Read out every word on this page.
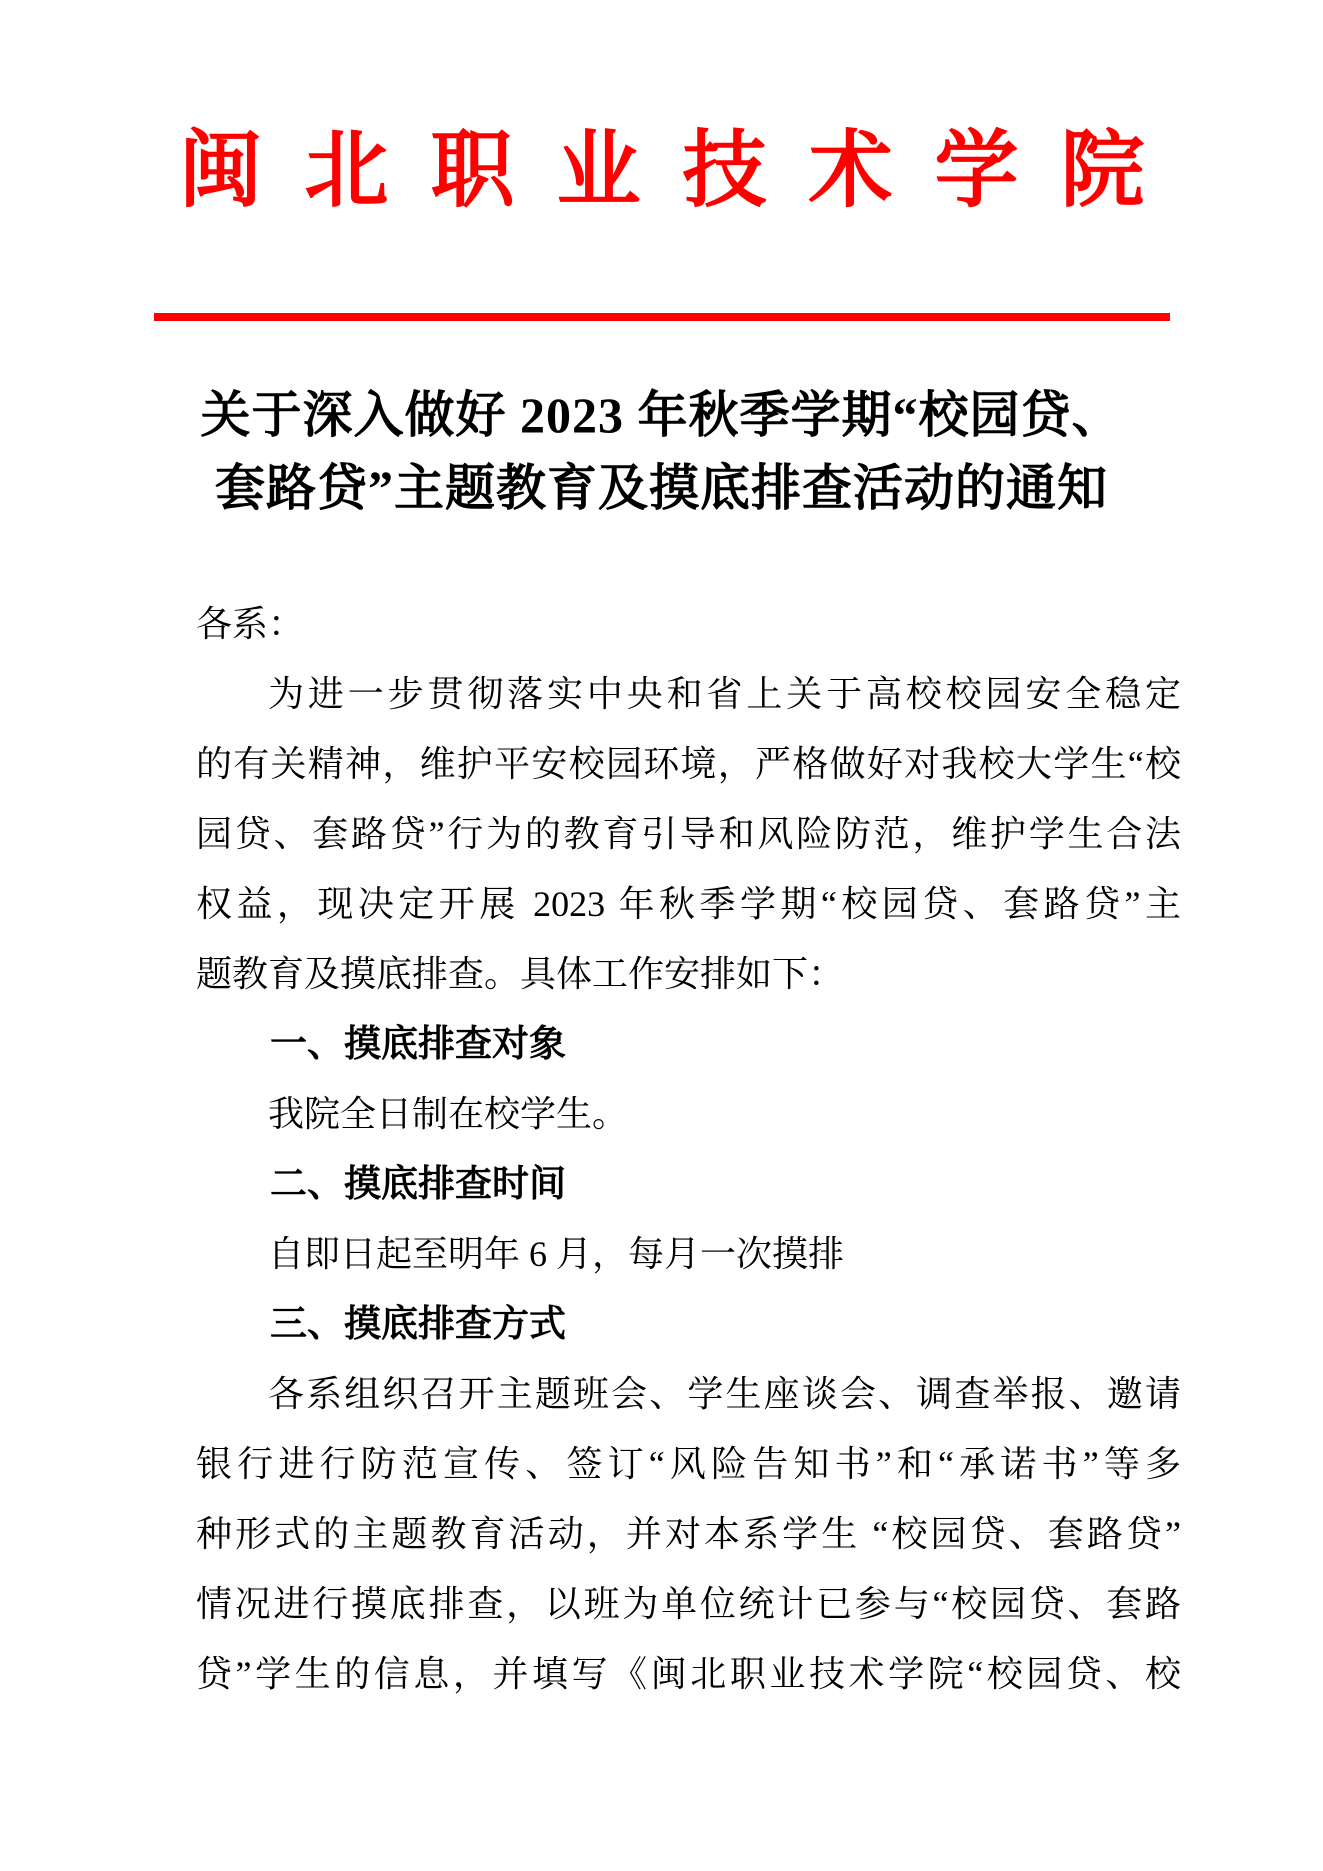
闽北职业技术学院
关于深入做好 2023 年秋季学期“校园贷、
套路贷”主题教育及摸底排查活动的通知
各系：
为进一步贯彻落实中央和省上关于高校校园安全稳定
的有关精神，维护平安校园环境，严格做好对我校大学生“校
园贷、套路贷”行为的教育引导和风险防范，维护学生合法
权益，现决定开展 2023 年秋季学期“校园贷、套路贷”主
题教育及摸底排查。具体工作安排如下：
一、摸底排查对象
我院全日制在校学生。
二、摸底排查时间
自即日起至明年 6 月，每月一次摸排
三、摸底排查方式
各系组织召开主题班会、学生座谈会、调查举报、邀请
银行进行防范宣传、签订“风险告知书”和“承诺书”等多
种形式的主题教育活动，并对本系学生 “校园贷、套路贷”
情况进行摸底排查，以班为单位统计已参与“校园贷、套路
贷”学生的信息，并填写《闽北职业技术学院“校园贷、校
